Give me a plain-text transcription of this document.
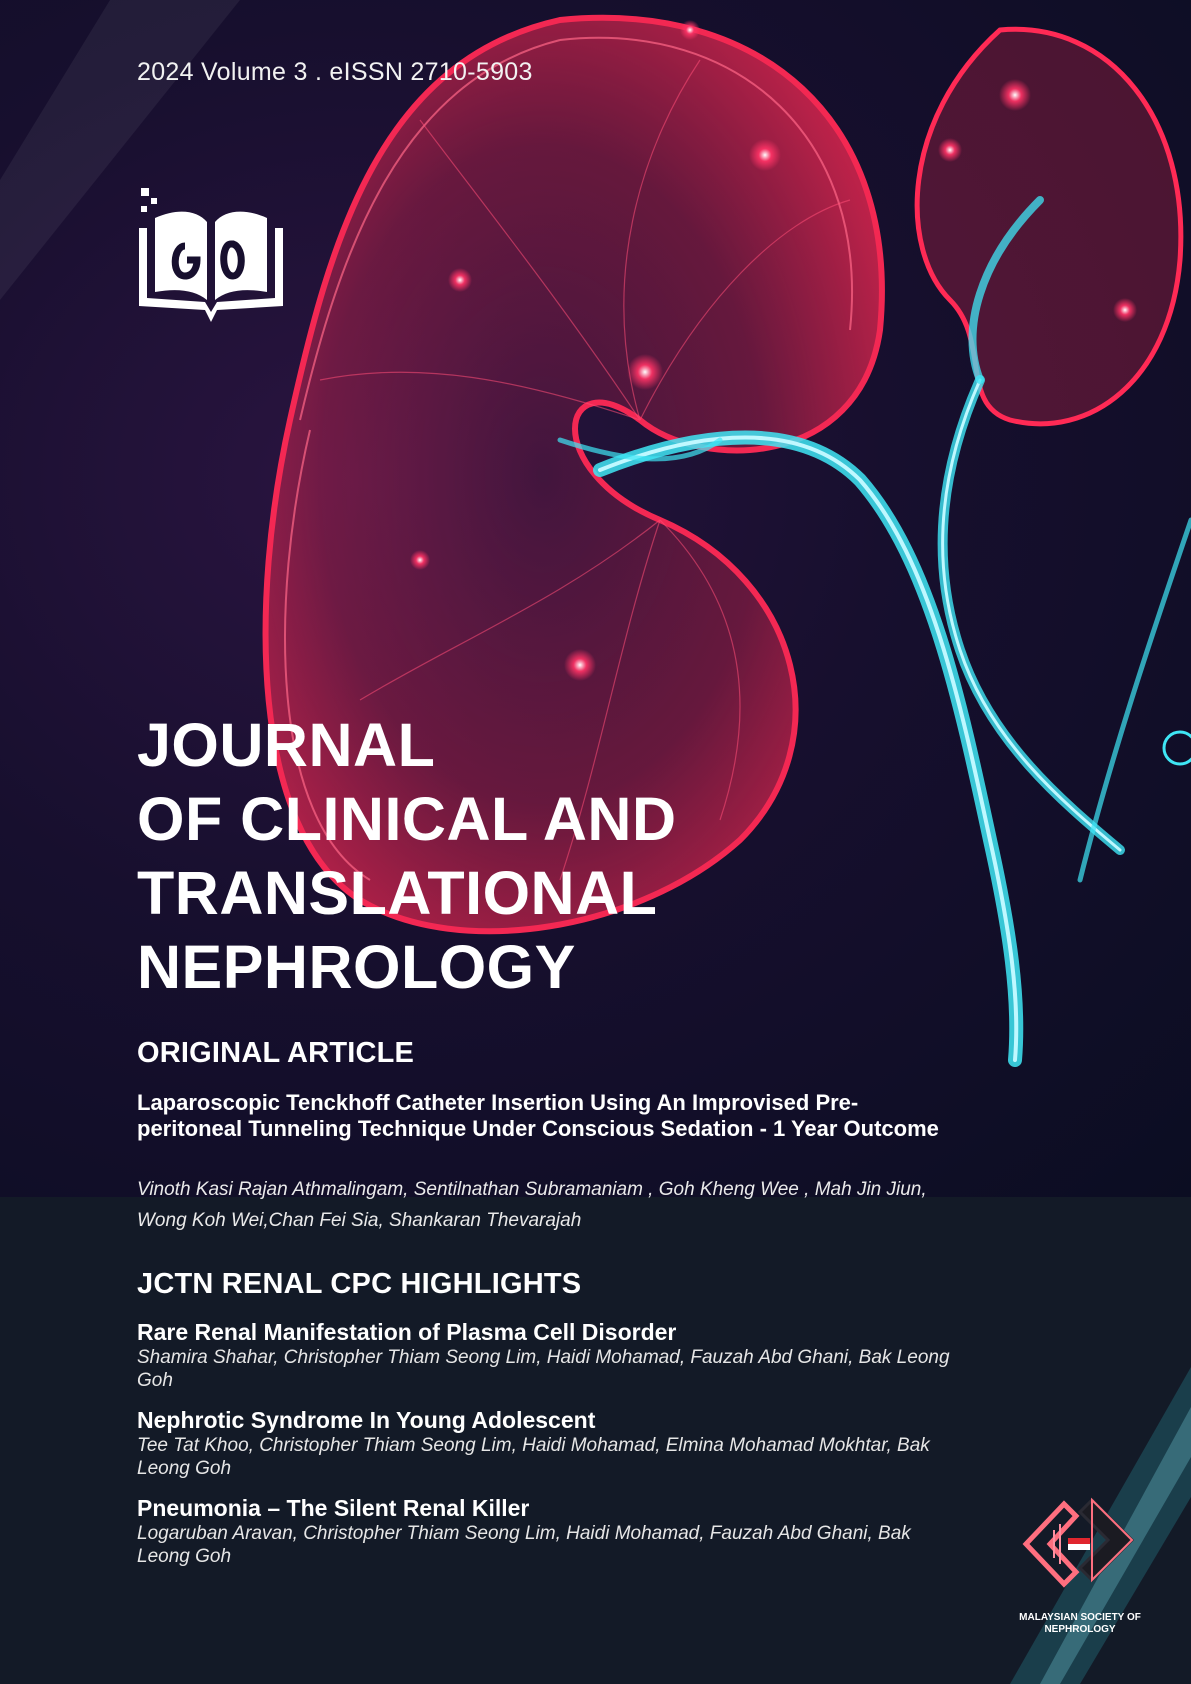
2024 Volume 3 . eISSN 2710-5903

JOURNAL
OF CLINICAL AND
TRANSLATIONAL
NEPHROLOGY
ORIGINAL ARTICLE

Laparoscopic Tenckhoff Catheter Insertion Using An Improvised Pre-peritoneal Tunneling Technique Under Conscious Sedation - 1 Year Outcome

Vinoth Kasi Rajan Athmalingam, Sentilnathan Subramaniam , Goh Kheng Wee , Mah Jin Jiun, Wong Koh Wei,Chan Fei Sia, Shankaran Thevarajah

JCTN RENAL CPC HIGHLIGHTS
Rare Renal Manifestation of Plasma Cell Disorder

Shamira Shahar, Christopher Thiam Seong Lim, Haidi Mohamad, Fauzah Abd Ghani, Bak Leong Goh

Nephrotic Syndrome In Young Adolescent

Tee Tat Khoo, Christopher Thiam Seong Lim, Haidi Mohamad, Elmina Mohamad Mokhtar, Bak Leong Goh

Pneumonia – The Silent Renal Killer

Logaruban Aravan, Christopher Thiam Seong Lim, Haidi Mohamad, Fauzah Abd Ghani, Bak Leong Goh

MALAYSIAN SOCIETY OF NEPHROLOGY
